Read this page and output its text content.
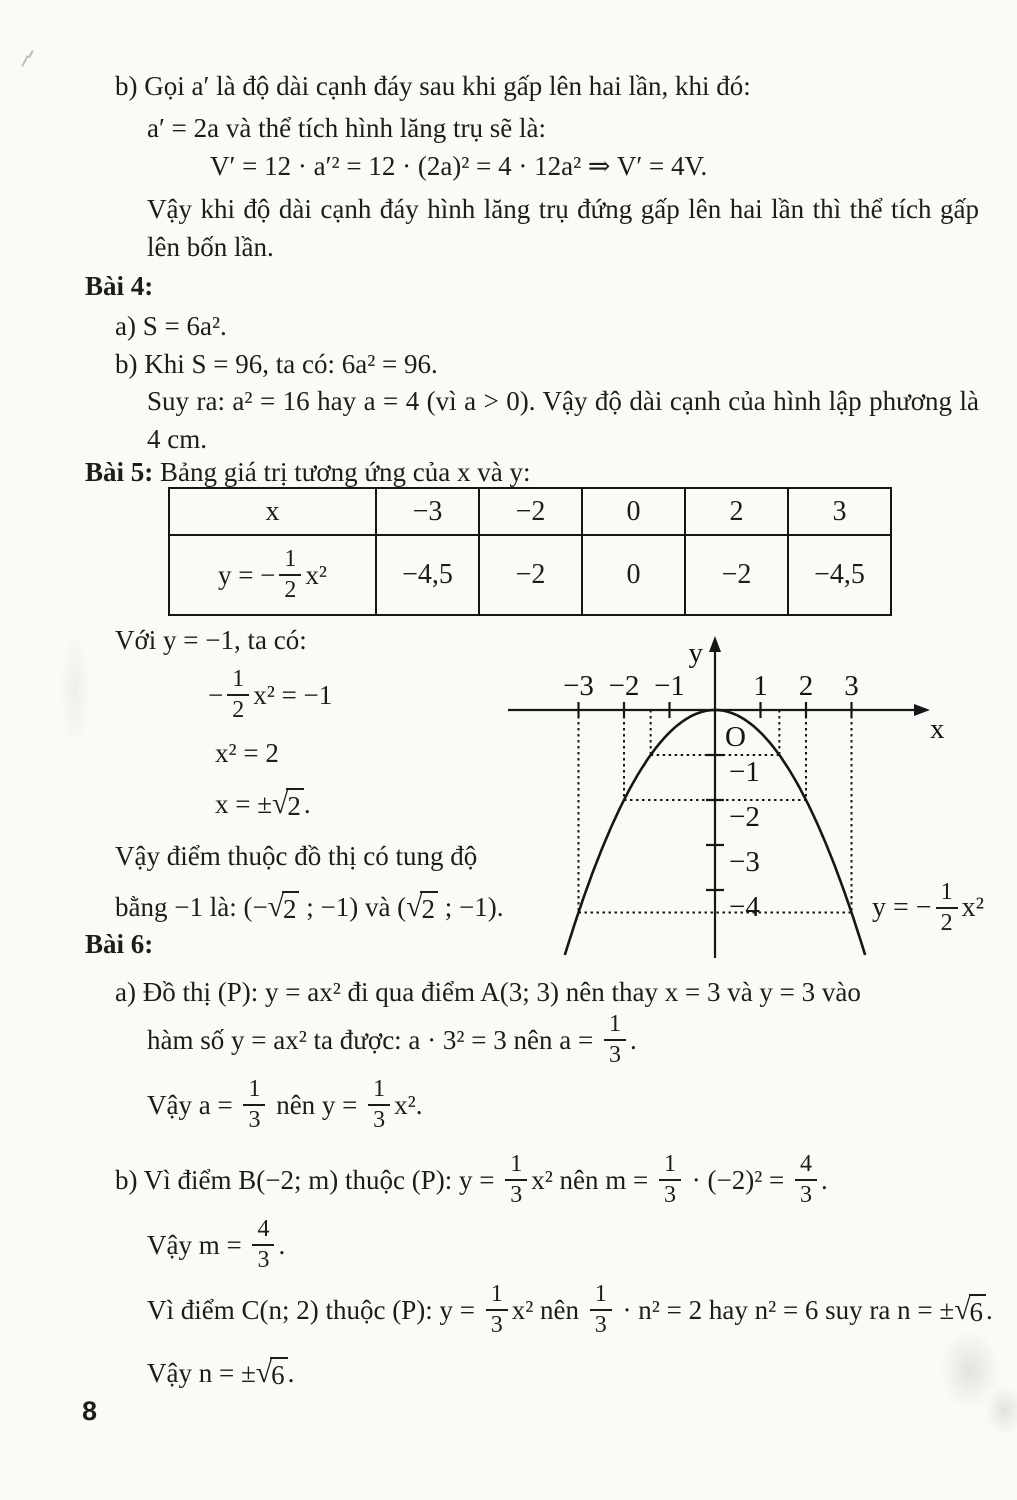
b) Gọi a′ là độ dài cạnh đáy sau khi gấp lên hai lần, khi đó:
a′ = 2a và thể tích hình lăng trụ sẽ là:
V′ = 12 · a′² = 12 · (2a)² = 4 · 12a² ⇒ V′ = 4V.
Vậy khi độ dài cạnh đáy hình lăng trụ đứng gấp lên hai lần thì thể tích gấp lên bốn lần.
Bài 4:
a) S = 6a².
b) Khi S = 96, ta có: 6a² = 96.
Suy ra: a² = 16 hay a = 4 (vì a > 0). Vậy độ dài cạnh của hình lập phương là 4 cm.
Bài 5: Bảng giá trị tương ứng của x và y:
x	−3	−2	0	2	3

y = − $\frac{1}{2} x^2$	−4,5	−2	0	−2	−4,5
Với y = −1, ta có:
− $\frac{1}{2} x^2 = -1$
x² = 2
x = ± √ 2 .
Vậy điểm thuộc đồ thị có tung độ
bằng −1 là: (− √ 2 ; −1) và ( √ 2 ; −1).
−3 −2 −1 1 2 3
−1
−2
−3
−4
y
x
O
y = − $\frac{1}{2} x^2$
Bài 6:
a) Đồ thị (P): y = ax² đi qua điểm A(3; 3) nên thay x = 3 và y = 3 vào
hàm số y = ax² ta được: a · 3² = 3 nên $a = \frac{1}{3}$ .
Vậy $a = \frac{1}{3}$ nên $y = \frac{1}{3} x^2$.
b) Vì điểm B(−2; m) thuộc (P): $y = \frac{1}{3} x^2$ nên $m = \frac{1}{3} \cdot (-2)^2 = \frac{4}{3}$ .
Vậy $m = \frac{4}{3}$ .
Vì điểm C(n; 2) thuộc (P): $y = \frac{1}{3} x^2$ nên $\frac{1}{3} \cdot n^2 = 2$ hay n² = 6 suy ra n = ± √ 6 .
Vậy n = ± √ 6 .
8
